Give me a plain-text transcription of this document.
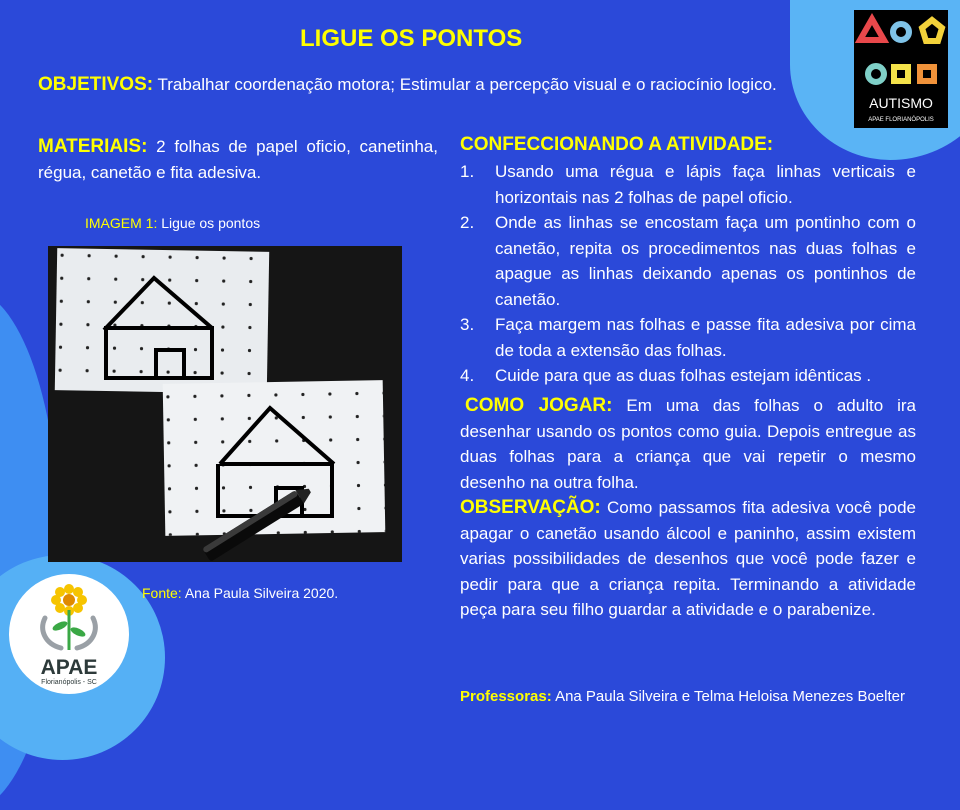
LIGUE OS PONTOS
OBJETIVOS: Trabalhar coordenação motora; Estimular a percepção visual e o raciocínio logico.
MATERIAIS: 2 folhas de papel oficio, canetinha, régua, canetão e fita adesiva.
IMAGEM 1: Ligue os pontos
Fonte: Ana Paula Silveira 2020.
CONFECCIONANDO A ATIVIDADE:
1.	Usando uma régua e lápis faça linhas verticais e horizontais nas 2 folhas de papel oficio.
2.	Onde as linhas se encostam faça um pontinho com o canetão, repita os procedimentos nas duas folhas e apague as linhas deixando apenas os pontinhos de canetão.
3.	Faça margem nas folhas e passe fita adesiva por cima de toda a extensão das folhas.
4.	Cuide para que as duas folhas estejam idênticas .
COMO JOGAR: Em uma das folhas o adulto ira desenhar usando os pontos como guia. Depois entregue as duas folhas para a criança que vai repetir o mesmo desenho na outra folha.
OBSERVAÇÃO: Como passamos fita adesiva você pode apagar o canetão usando álcool e paninho, assim existem varias possibilidades de desenhos que você pode fazer e pedir para que a criança repita. Terminando a atividade peça para seu filho guardar a atividade e o parabenize.
Professoras: Ana Paula Silveira e Telma Heloisa Menezes Boelter
AUTISMO
APAE FLORIANÓPOLIS
APAE
Florianópolis - SC
